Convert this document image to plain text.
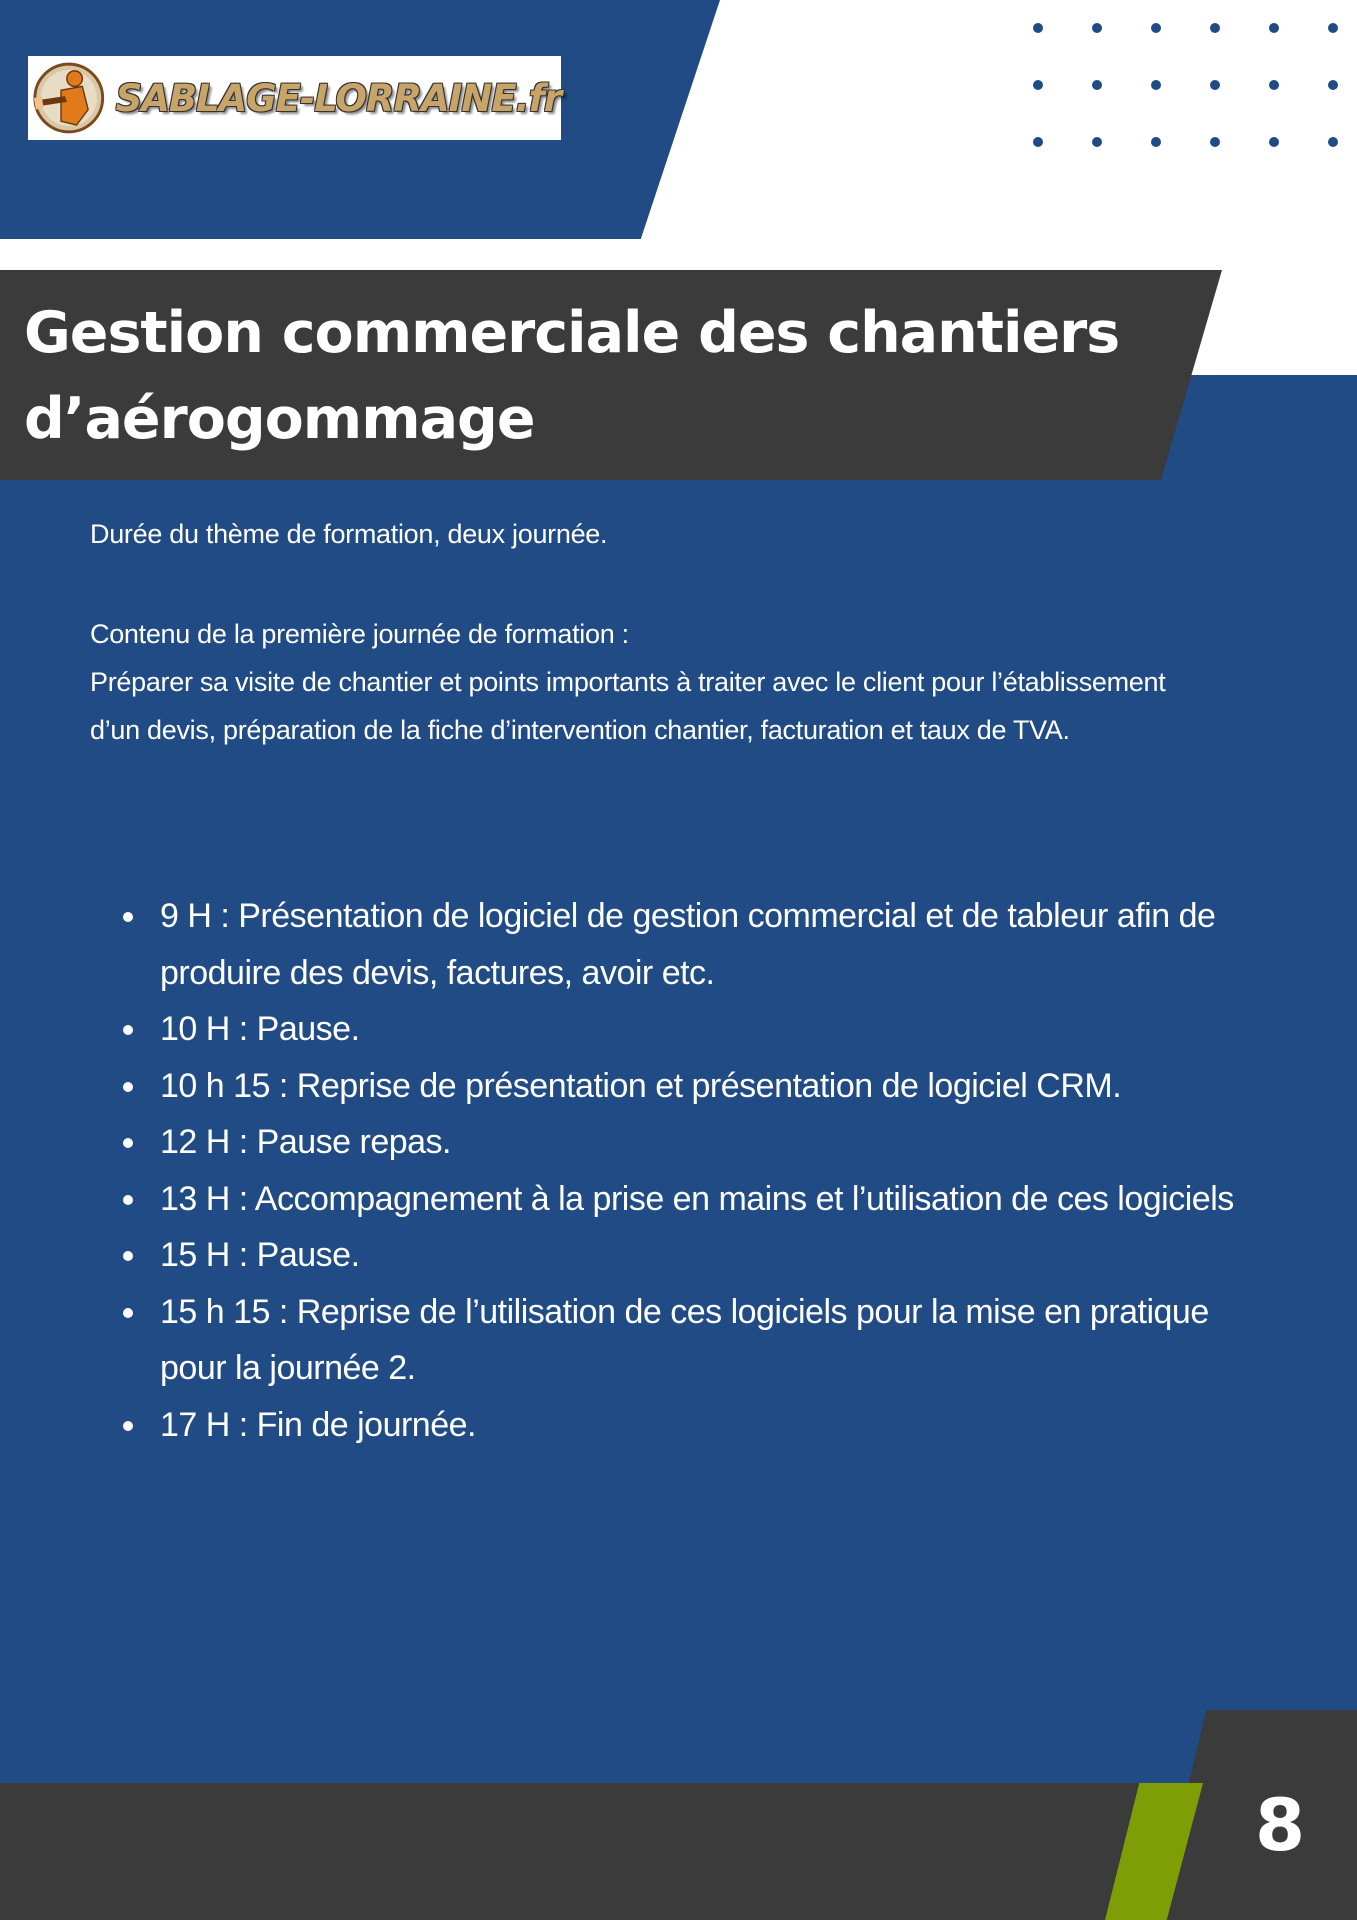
SABLAGE-LORRAINE.fr
Gestion commerciale des chantiers d’aérogommage

Durée du thème de formation, deux journée.

Contenu de la première journée de formation :

Préparer sa visite de chantier et points importants à traiter avec le client pour l’établissement d’un devis, préparation de la fiche d’intervention chantier, facturation et taux de TVA.

9 H : Présentation de logiciel de gestion commercial et de tableur afin de produire des devis, factures, avoir etc.
10 H : Pause.
10 h 15 : Reprise de présentation et présentation de logiciel CRM.
12 H : Pause repas.
13 H : Accompagnement à la prise en mains et l’utilisation de ces logiciels
15 H : Pause.
15 h 15 : Reprise de l’utilisation de ces logiciels pour la mise en pratique pour la journée 2.
17 H : Fin de journée.
8
